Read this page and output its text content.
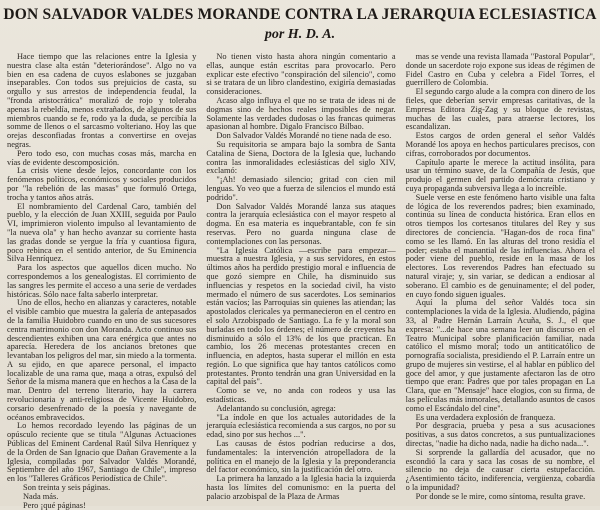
DON SALVADOR VALDES MORANDE CONTRA LA JERARQUIA ECLESIASTICA
por H. D. A.

Hace tiempo que las relaciones entre la Iglesia y nuestra clase alta están "deteriorándose". Algo no va bien en esa cadena de cuyos eslabones se juzgaban inseparables. Con todos sus prejuicios de casta, su orgullo y sus arrestos de independencia feudal, la "fronda aristocrática" moralizó de rojo y toleraba apenas la rebeldía, menos extrañados, de algunos de sus miembros cuando se fe, rodo ya la duda, se percibía la somme de llenos o el sarcasmo volteriano. Hoy las que orejas desconfiadas frontas a convertirse en ovejas negras.

Pero todo eso, con muchas cosas más, marcha en vías de evidente descomposición.

La crisis viene desde lejos, concordante con los fenómenos políticos, económicos y sociales producidos por "la rebelión de las masas" que formuló Ortega, trocha y tantos años atrás.

El nombramiento del Cardenal Caro, también del pueblo, y la elección de Juan XXIII, seguida por Paulo VI, imprimieron violento impulso al levantamiento de "la nueva ola" y han hecho avanzar su corriente hasta las gradas donde se yergue la fría y cuantiosa figura, poco rebinca en el sentido anterior, de Su Eminencia Silva Henríquez.

Para los aspectos que aquellos dicen mucho. No correspondemos a los genealogistas. El corrimiento de las sangres les permite el acceso a una serie de verdades históricas. Sólo nace falta saberlo interpretar.

Uno de ellos, hecho en alianzas y caracteres, notable el visible cambio que muestra la galería de antepasados de la familia Huidobro cuando en uno de sus sucesores centra matrimonio con don Moranda. Acto continuo sus descendientes exhiben una cara enérgica que antes no aparecía. Heredera de los ancianos bretones que levantaban los peligros del mar, sin miedo a la tormenta. A su ejido, en que aparece personal, el impacto localizable de una rama que, maqa a otras, expulsó del Señor de la misma manera que en hechos a la Casa de la mar. Dentro del terreno literario, hay la carrera revolucionaria y anti-religiosa de Vicente Huidobro, corsario desenfrenado de la poesía y navegante de océanos embravecidos.

Lo hemos recordado leyendo las páginas de un opúsculo reciente que se titula "Algunas Actuaciones Públicas del Eminent Cardenal Raúl Silva Henríquez y de la Orden de San Ignacio que Dañan Gravemente a la Iglesia, compiladas por Salvador Valdés Morandé, Septiembre del año 1967, Santiago de Chile", impreso en los "Talleres Gráficos Periodística de Chile".

Son treinta y seis páginas.

Nada más.

Pero ¡qué páginas!

No tienen visto hasta ahora ningún comentario a ellas, aunque están escritas para provocarlo. Pero explicar este efectivo "conspiración del silencio", como si se tratara de un libro clandestino, exigiría demasiadas consideraciones.

Acaso algo influya el que no se trata de ideas ni de dogmas sino de hechos reales imposibles de negar. Solamente las verdades dudosas o las francas quimeras apasionan al hombre. Digalo Francisco Bilbao.

Don Salvador Valdés Morandé no tiene nada de eso.

Su requisitoria se ampara bajo la sombra de Santa Catalina de Siena, Doctora de la Iglesia que, luchando contra las inmoralidades eclesiásticas del siglo XIV, exclamó:

"¡Ah! demasiado silencio; gritad con cien mil lenguas. Yo veo que a fuerza de silencios el mundo está podrido".

Don Salvador Valdés Morandé lanza sus ataques contra la jerarquía eclesiástica con el mayor respeto al dogma. En esa materia es inquebrantable, con fe sin reservas. Pero no guarda ninguna clase de contemplaciones con las personas.

"La Iglesia Católica —escribe para empezar— muestra a nuestra Iglesia, y a sus servidores, en estos últimos años ha perdido prestigio moral e influencia de que gozó siempre en Chile, ha disminuido sus influencias y respetos en la sociedad civil, ha visto mermado el número de sus sacerdotes. Los seminarios están vacíos; las Parroquias sin quienes las atiendan; las apostolados clericales ya permanecieron en el centro en el solo Arzobispado de Santiago. La fe y la moral son burladas en todo los órdenes; el número de creyentes ha disminuido a sólo el 13% de los que practican. En cambio, los 26 mecenas protestantes crecen en influencia, en adeptos, hasta superar el millón en esta región. Lo que significa que hay tantos católicos como protestantes. Pronto tendrán una gran Universidad en la capital del país".

Como se ve, no anda con rodeos y usa las estadísticas.

Adelantando su conclusión, agrega:

"La índole en que los actuales autoridades de la jerarquía eclesiástica recomienda a sus cargos, no por su edad, sino por sus hechos ...".

Las causas de éstos podrían reducirse a dos, fundamentales: la intervención atropelladora de la política en el manejo de la Iglesia y la preponderancia del factor económico, sin la justificación del otro.

La primera ha lanzado a la Iglesia hacia la izquierda hasta los límites del comunismo: en la puerta del palacio arzobispal de la Plaza de Armas

mas se vende una revista llamada "Pastoral Popular", donde un sacerdote rojo expone sus ideas de régimen de Fidel Castro en Cuba y celebra a Fidel Torres, el guerrillero de Colombia.

El segundo cargo alude a la compra con dinero de los fieles, que deberían servir empresas caritativas, de la Empresa Editora Zig-Zag y su bloque de revistas, muchas de las cuales, para atraerse lectores, los escandalizan.

Estos cargos de orden general el señor Valdés Morandé los apoya en hechos particulares precisos, con cifras, corroborados por documentos.

Capítulo aparte le merece la actitud insólita, para usar un término suave, de la Compañía de Jesús, que produjo el germen del partido demócrata cristiano y cuya propaganda subversiva llega a lo increíble.

Suele verse en este fenómeno harto visible una falta de lógica de los reverendos padres; bien examinado, continúa su línea de conducta histórica. Eran ellos en otros tiempos los cortesanos titulares del Rey y sus directores de conciencia. "Hagan-dos de roca fina" como se les llamó. En las alturas del trono residía el poder; estaba el manantial de las influencias. Ahora el poder viene del pueblo, reside en la masa de los electores. Los reverendos Padres han efectuado su natural viraje; y, sin variar, se dedican a endiosar al soberano. El cambio es de genuinamente; el del poder, en cuyo fondo siguen iguales.

Aquí la pluma del señor Valdés toca sin contemplaciones la vida de la Iglesia. Aludiendo, página 33, al Padre Hernán Larraín Acuña, S. J., el que expresa: "...de hace una semana leer un discurso en el Teatro Municipal sobre planificación familiar, nada católico el mismo moral; todo un antiticatólico de pornografía socialista, presidiendo el P. Larraín entre un grupo de mujeres sin vestirse, el al hablar en público del goce del amor, y que justamente afectaron las de otro tiempo que eran: Padres que por tales propagan en La Clara, que en "Mensaje" hace elogios, con su firma, de las películas más inmorales, detallando asuntos de casos como el Escándalo del cine".

Es una verdadera explosión de franqueza.

Por desgracia, prueba y pesa a sus acusaciones positivas, a sus datos concretos, a sus puntualizaciones directas, "nadie ha dicho nada, nadie ha dicho nada...".

Si sorprende la gallardía del acusador, que no escondió la cara y saca las cosas de su nombre, el silencio no deja de causar cierta estupefacción. ¿Asentimiento tácito, indiferencia, vergüenza, cobardía o la impunidad?

Por donde se le mire, como síntoma, resulta grave.
